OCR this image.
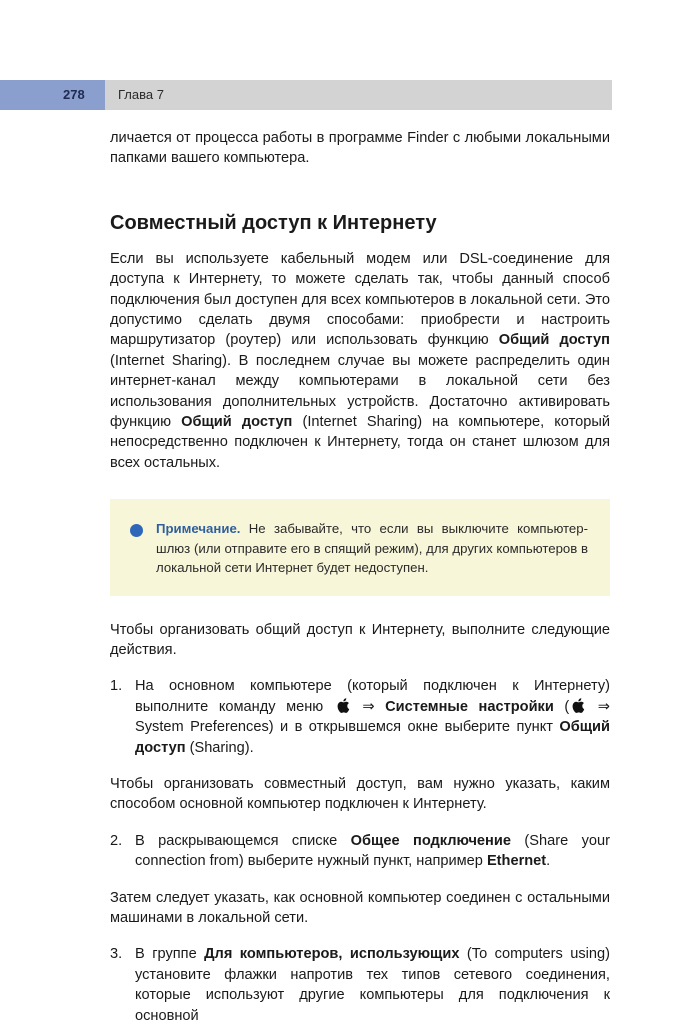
278	Глава 7

личается от процесса работы в программе Finder с любыми локальными папками вашего компьютера.

Совместный доступ к Интернету

Если вы используете кабельный модем или DSL-соединение для доступа к Интернету, то можете сделать так, чтобы данный способ подключения был доступен для всех компьютеров в локальной сети. Это допустимо сделать двумя способами: приобрести и настроить маршрутизатор (роутер) или использовать функцию Общий доступ (Internet Sharing). В последнем случае вы можете распределить один интернет-канал между компьютерами в локальной сети без использования дополнительных устройств. Достаточно активировать функцию Общий доступ (Internet Sharing) на компьютере, который непосредственно подключен к Интернету, тогда он станет шлюзом для всех остальных.

Примечание. Не забывайте, что если вы выключите компьютер-шлюз (или отправите его в спящий режим), для других компьютеров в локальной сети Интернет будет недоступен.

Чтобы организовать общий доступ к Интернету, выполните следующие действия.

1. На основном компьютере (который подключен к Интернету) выполните команду меню  ⇒ Системные настройки ( ⇒ System Preferences) и в открывшемся окне выберите пункт Общий доступ (Sharing).

Чтобы организовать совместный доступ, вам нужно указать, каким способом основной компьютер подключен к Интернету.

2. В раскрывающемся списке Общее подключение (Share your connection from) выберите нужный пункт, например Ethernet.

Затем следует указать, как основной компьютер соединен с остальными машинами в локальной сети.

3. В группе Для компьютеров, использующих (To computers using) установите флажки напротив тех типов сетевого соединения, которые используют другие компьютеры для подключения к основной
